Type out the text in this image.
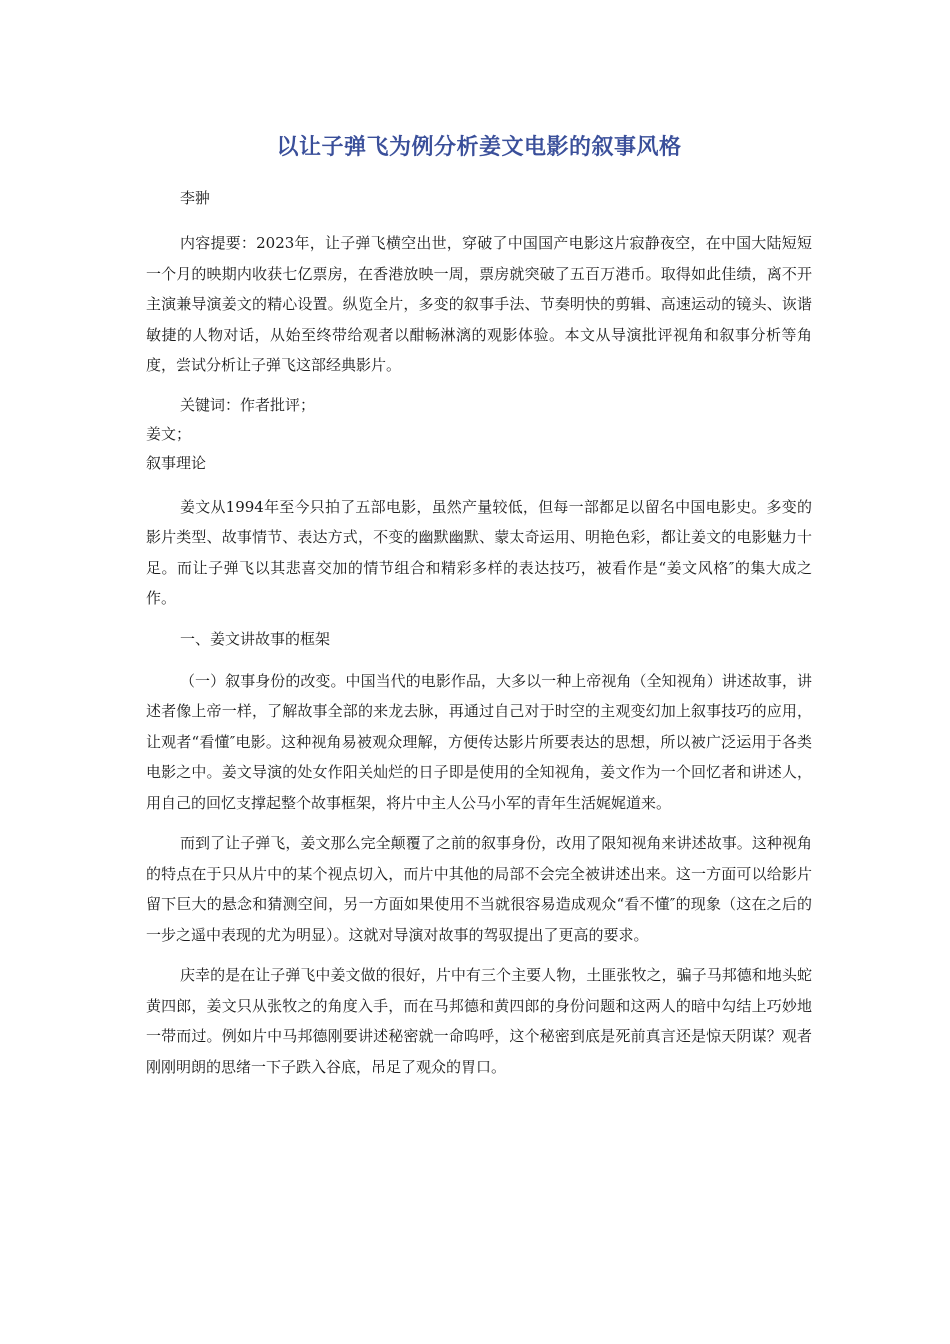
以让子弹飞为例分析姜文电影的叙事风格
李翀

内容提要：2023年，让子弹飞横空出世，穿破了中国国产电影这片寂静夜空，在中国大陆短短一个月的映期内收获七亿票房，在香港放映一周，票房就突破了五百万港币。取得如此佳绩，离不开主演兼导演姜文的精心设置。纵览全片，多变的叙事手法、节奏明快的剪辑、高速运动的镜头、诙谐敏捷的人物对话，从始至终带给观者以酣畅淋漓的观影体验。本文从导演批评视角和叙事分析等角度，尝试分析让子弹飞这部经典影片。

关键词：作者批评；
姜文；
叙事理论

姜文从1994年至今只拍了五部电影，虽然产量较低，但每一部都足以留名中国电影史。多变的影片类型、故事情节、表达方式，不变的幽默幽默、蒙太奇运用、明艳色彩，都让姜文的电影魅力十足。而让子弹飞以其悲喜交加的情节组合和精彩多样的表达技巧，被看作是“姜文风格″的集大成之作。

一、姜文讲故事的框架

（一）叙事身份的改变。中国当代的电影作品，大多以一种上帝视角（全知视角）讲述故事，讲述者像上帝一样，了解故事全部的来龙去脉，再通过自己对于时空的主观变幻加上叙事技巧的应用，让观者“看懂″电影。这种视角易被观众理解，方便传达影片所要表达的思想，所以被广泛运用于各类电影之中。姜文导演的处女作阳关灿烂的日子即是使用的全知视角，姜文作为一个回忆者和讲述人，用自己的回忆支撑起整个故事框架，将片中主人公马小军的青年生活娓娓道来。

而到了让子弹飞，姜文那么完全颠覆了之前的叙事身份，改用了限知视角来讲述故事。这种视角的特点在于只从片中的某个视点切入，而片中其他的局部不会完全被讲述出来。这一方面可以给影片留下巨大的悬念和猜测空间，另一方面如果使用不当就很容易造成观众“看不懂″的现象（这在之后的一步之遥中表现的尤为明显）。这就对导演对故事的驾驭提出了更高的要求。

庆幸的是在让子弹飞中姜文做的很好，片中有三个主要人物，土匪张牧之，骗子马邦德和地头蛇黄四郎，姜文只从张牧之的角度入手，而在马邦德和黄四郎的身份问题和这两人的暗中勾结上巧妙地一带而过。例如片中马邦德刚要讲述秘密就一命呜呼，这个秘密到底是死前真言还是惊天阴谋？观者刚刚明朗的思绪一下子跌入谷底，吊足了观众的胃口。
